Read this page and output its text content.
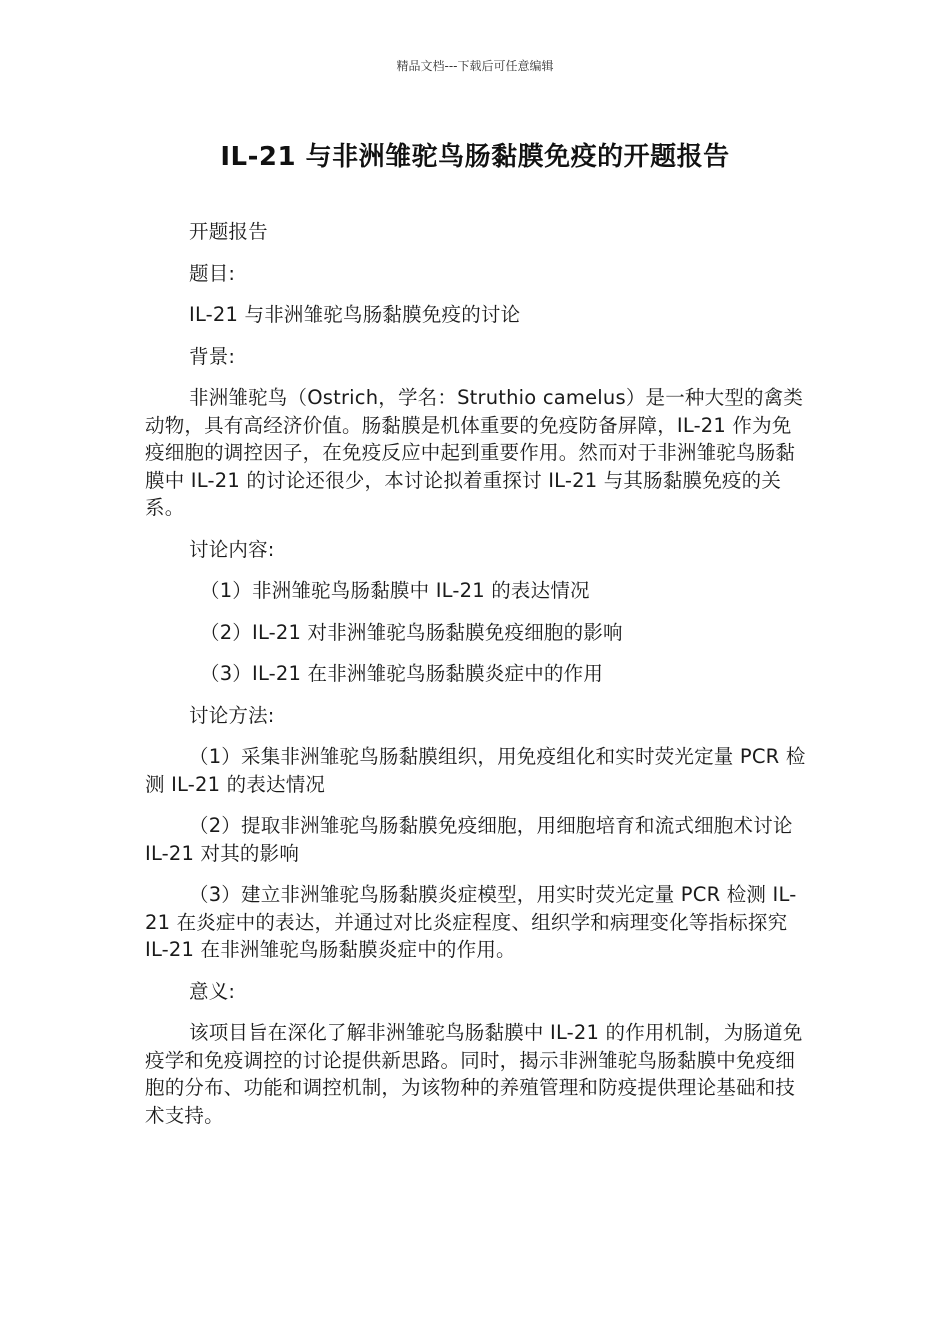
精品文档---下载后可任意编辑
IL-21 与非洲雏驼鸟肠黏膜免疫的开题报告

开题报告

题目:

IL-21 与非洲雏驼鸟肠黏膜免疫的讨论

背景:

非洲雏驼鸟（Ostrich，学名：Struthio camelus）是一种大型的禽类动物，具有高经济价值。肠黏膜是机体重要的免疫防备屏障，IL-21 作为免疫细胞的调控因子，在免疫反应中起到重要作用。然而对于非洲雏驼鸟肠黏膜中 IL-21 的讨论还很少，本讨论拟着重探讨 IL-21 与其肠黏膜免疫的关系。

讨论内容:

（1）非洲雏驼鸟肠黏膜中 IL-21 的表达情况

（2）IL-21 对非洲雏驼鸟肠黏膜免疫细胞的影响

（3）IL-21 在非洲雏驼鸟肠黏膜炎症中的作用

讨论方法:

（1）采集非洲雏驼鸟肠黏膜组织，用免疫组化和实时荧光定量 PCR 检测 IL-21 的表达情况

（2）提取非洲雏驼鸟肠黏膜免疫细胞，用细胞培育和流式细胞术讨论 IL-21 对其的影响

（3）建立非洲雏驼鸟肠黏膜炎症模型，用实时荧光定量 PCR 检测 IL-21 在炎症中的表达，并通过对比炎症程度、组织学和病理变化等指标探究 IL-21 在非洲雏驼鸟肠黏膜炎症中的作用。

意义:

该项目旨在深化了解非洲雏驼鸟肠黏膜中 IL-21 的作用机制，为肠道免疫学和免疫调控的讨论提供新思路。同时，揭示非洲雏驼鸟肠黏膜中免疫细胞的分布、功能和调控机制，为该物种的养殖管理和防疫提供理论基础和技术支持。
